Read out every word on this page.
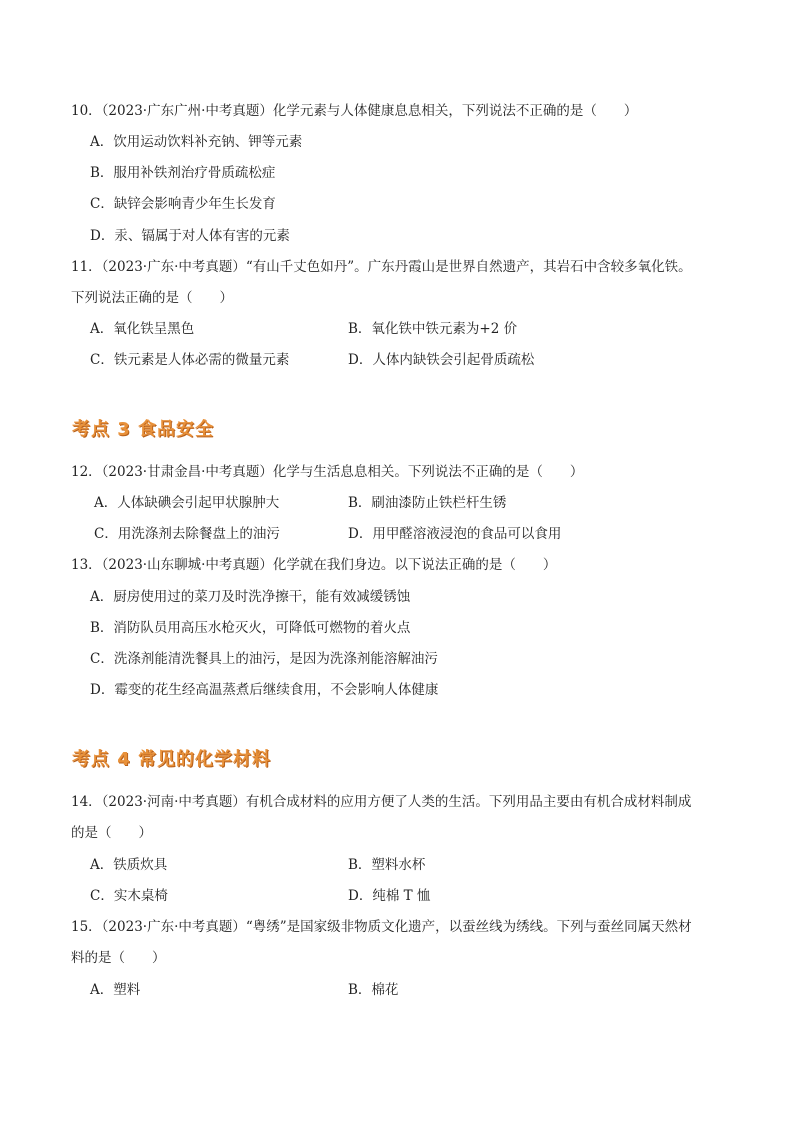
10．（2023·广东广州·中考真题）化学元素与人体健康息息相关，下列说法不正确的是（　　）
A．饮用运动饮料补充钠、钾等元素
B．服用补铁剂治疗骨质疏松症
C．缺锌会影响青少年生长发育
D．汞、镉属于对人体有害的元素
11．（2023·广东·中考真题）“有山千丈色如丹”。广东丹霞山是世界自然遗产，其岩石中含较多氧化铁。
下列说法正确的是（　　）
A．氧化铁呈黑色	B．氧化铁中铁元素为+2 价
C．铁元素是人体必需的微量元素	D．人体内缺铁会引起骨质疏松
考点 3 食品安全
12．（2023·甘肃金昌·中考真题）化学与生活息息相关。下列说法不正确的是（　　）
A．人体缺碘会引起甲状腺肿大	B．刷油漆防止铁栏杆生锈
C．用洗涤剂去除餐盘上的油污	D．用甲醛溶液浸泡的食品可以食用
13．（2023·山东聊城·中考真题）化学就在我们身边。以下说法正确的是（　　）
A．厨房使用过的菜刀及时洗净擦干，能有效减缓锈蚀
B．消防队员用高压水枪灭火，可降低可燃物的着火点
C．洗涤剂能清洗餐具上的油污，是因为洗涤剂能溶解油污
D．霉变的花生经高温蒸煮后继续食用，不会影响人体健康
考点 4 常见的化学材料
14．（2023·河南·中考真题）有机合成材料的应用方便了人类的生活。下列用品主要由有机合成材料制成
的是（　　）
A．铁质炊具	B．塑料水杯
C．实木桌椅	D．纯棉 T 恤
15．（2023·广东·中考真题）“粤绣”是国家级非物质文化遗产，以蚕丝线为绣线。下列与蚕丝同属天然材
料的是（　　）
A．塑料	B．棉花
